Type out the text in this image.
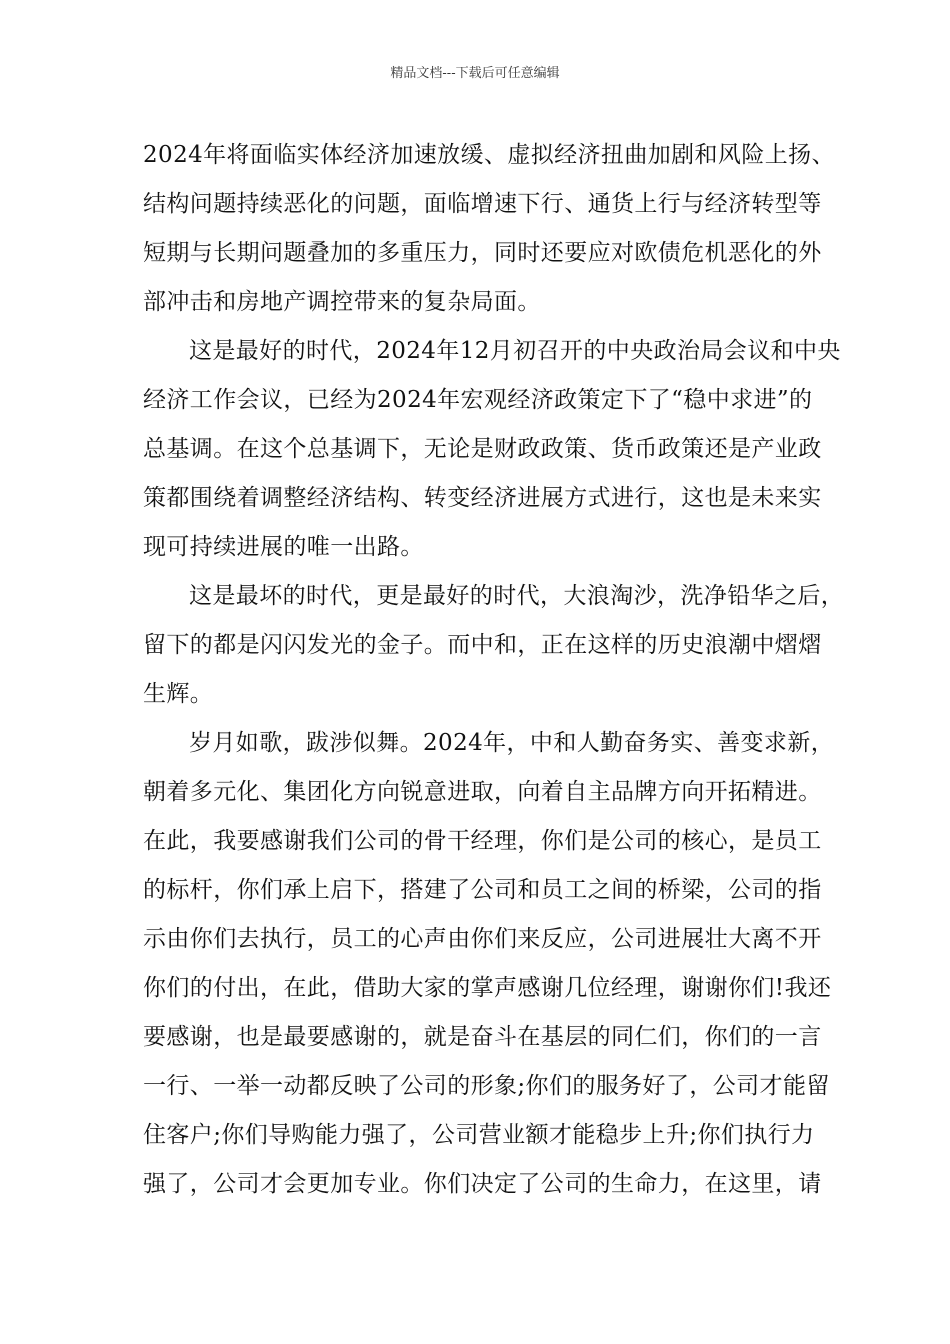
精品文档---下载后可任意编辑
2024年将面临实体经济加速放缓、虚拟经济扭曲加剧和风险上扬、
结构问题持续恶化的问题，面临增速下行、通货上行与经济转型等
短期与长期问题叠加的多重压力，同时还要应对欧债危机恶化的外
部冲击和房地产调控带来的复杂局面。
这是最好的时代，2024年12月初召开的中央政治局会议和中央
经济工作会议，已经为2024年宏观经济政策定下了“稳中求进”的
总基调。在这个总基调下，无论是财政政策、货币政策还是产业政
策都围绕着调整经济结构、转变经济进展方式进行，这也是未来实
现可持续进展的唯一出路。
这是最坏的时代，更是最好的时代，大浪淘沙，洗净铅华之后，
留下的都是闪闪发光的金子。而中和，正在这样的历史浪潮中熠熠
生辉。
岁月如歌，跋涉似舞。2024年，中和人勤奋务实、善变求新，
朝着多元化、集团化方向锐意进取，向着自主品牌方向开拓精进。
在此，我要感谢我们公司的骨干经理，你们是公司的核心，是员工
的标杆，你们承上启下，搭建了公司和员工之间的桥梁，公司的指
示由你们去执行，员工的心声由你们来反应，公司进展壮大离不开
你们的付出，在此，借助大家的掌声感谢几位经理，谢谢你们!我还
要感谢，也是最要感谢的，就是奋斗在基层的同仁们，你们的一言
一行、一举一动都反映了公司的形象;你们的服务好了，公司才能留
住客户;你们导购能力强了，公司营业额才能稳步上升;你们执行力
强了，公司才会更加专业。你们决定了公司的生命力，在这里，请
